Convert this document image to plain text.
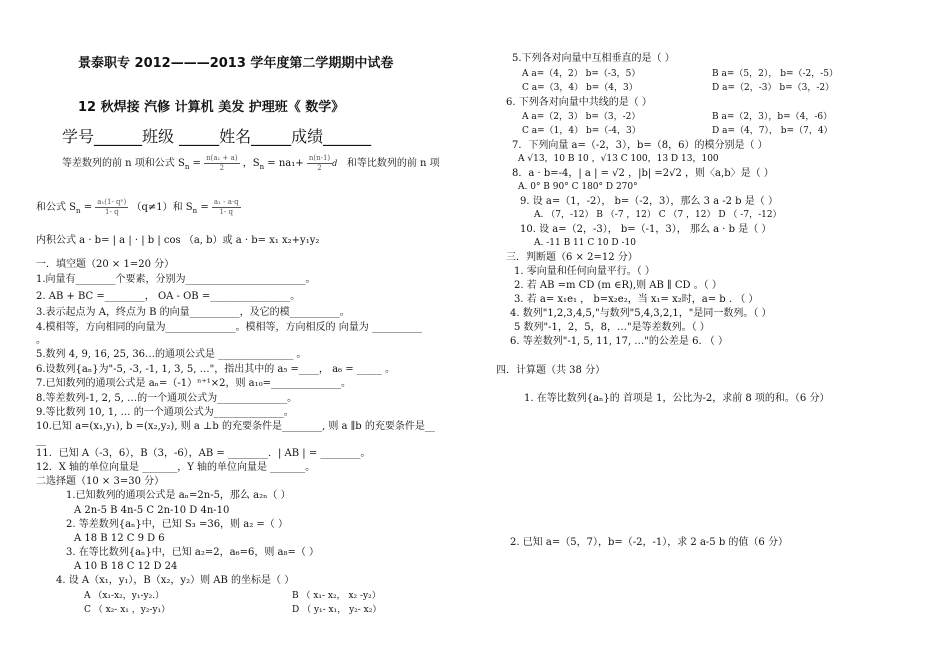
景泰职专 2012———2013 学年度第二学期期中试卷
12 秋焊接 汽修 计算机 美发 护理班《 数学》
学号______班级 _____姓名_____成绩______
等差数列的前 n 项和公式 $S_n = \frac{\text{n(a₁ + a)}}{2}$ ，$S_n = na_1+ \frac{n(n-1)}{2}$ d 和等比数列的前 n 项
和公式 $S_n = \frac{\text{a₁(1- qⁿ)}}{1- q} (q\ne 1)$和 $S_n = \frac{\text{a₁ - a·q}}{1- q}$
内积公式 a · b= | a | · | b | cos （a, b）或 a · b= x₁ x₂+y₁y₂
一．填空题（20 × 1=20 分）
1.向量有________个要素，分别为________________________。
2. AB + BC =________， OA - OB =________________。
3.表示起点为 A，终点为 B 的向量__________，及它的模__________。
4.模相等，方向相同的向量为______________。模相等，方向相反的 向量为 __________
。
5.数列 4, 9, 16, 25, 36…的通项公式是 _______________ 。
6.设数列{aₙ}为"-5, -3, -1, 1, 3, 5, …"，指出其中的 a₅ =____， a₆ = _____ 。
7.已知数列的通项公式是 aₙ=（-1）ⁿ⁺¹×2，则 a₁₀=______________。
8.等差数列-1, 2, 5, …的一个通项公式为______________。
9.等比数列 10, 1, … 的一个通项公式为______________。
10.已知 a=(x₁,y₁), b =(x₂,y₂), 则 a ⊥b 的充要条件是________, 则 a ∥b 的充要条件是__
__
11．已知 A（-3，6），B（3，-6），AB = ________．| AB | = ________。
12．X 轴的单位向量是 _______，Y 轴的单位向量是 _______。
二选择题（10 × 3=30 分）
1.已知数列的通项公式是 aₙ=2n-5，那么 a₂ₙ（ ）
A 2n-5 B 4n-5 C 2n-10 D 4n-10
2. 等差数列{aₙ}中，已知 S₃ =36，则 a₂ =（ ）
A 18 B 12 C 9 D 6
3. 在等比数列{aₙ}中，已知 a₂=2，a₆=6，则 a₈=（ ）
A 10 B 18 C 12 D 24
4. 设 A（x₁，y₁），B（x₂，y₂）则 AB 的坐标是（ ）
A （x₁-x₂，y₁-y₂.）	B （ x₁- x₂， x₂ -y₂）
C （ x₂- x₁ ，y₂-y₁）	D （ y₁- x₁， y₂- x₂）
5.下列各对向量中互相垂直的是（ ）
A a=（4，2） b=（-3，5）	B a=（5，2）， b=（-2，-5）
C a=（3，4） b=（4，3）	D a=（2，-3） b=（3，-2）
6. 下列各对向量中共线的是（ ）
A a=（2，3） b=（3，-2）	B a=（2，3），b=（4，-6）
C a=（1，4） b=（-4，3）	D a=（4，7）， b=（7，4）
7．下列向量 a=（-2，3），b=（8，6）的模分别是（ ）
A √13，10 B 10 ，√13 C 100，13 D 13，100
8．a · b=-4，| a | = √2 ，|b| =2√2 ，则〈a,b〉是（ ）
A. 0° B 90° C 180° D 270°
9. 设 a=（1，-2）， b=（-2，3），那么 3 a -2 b 是（ ）
A. （7，-12） B （-7 ，12） C （7 ，12） D （ -7，-12）
10. 设 a=（2，-3）， b=（-1，3）， 那么 a · b 是（ ）
A. -11 B 11 C 10 D -10
三．判断题（6 × 2=12 分）
1. 零向量和任何向量平行。（ ）
2. 若 AB =m CD (m ∈R),则 AB ∥ CD 。（ ）
3. 若 a= x₁e₁ ， b=x₂e₂，当 x₁= x₂时，a= b . （ ）
4. 数列"1,2,3,4,5,"与数列"5,4,3,2,1，"是同一数列。（ ）
5 数列"-1，2，5，8，…"是等差数列。（ ）
6. 等差数列"-1, 5, 11, 17, …"的公差是 6. （ ）
四．计算题（共 38 分）
1. 在等比数列{aₙ}的 首项是 1，公比为-2，求前 8 项的和。（6 分）
2. 已知 a=（5，7），b=（-2，-1），求 2 a-5 b 的值（6 分）
